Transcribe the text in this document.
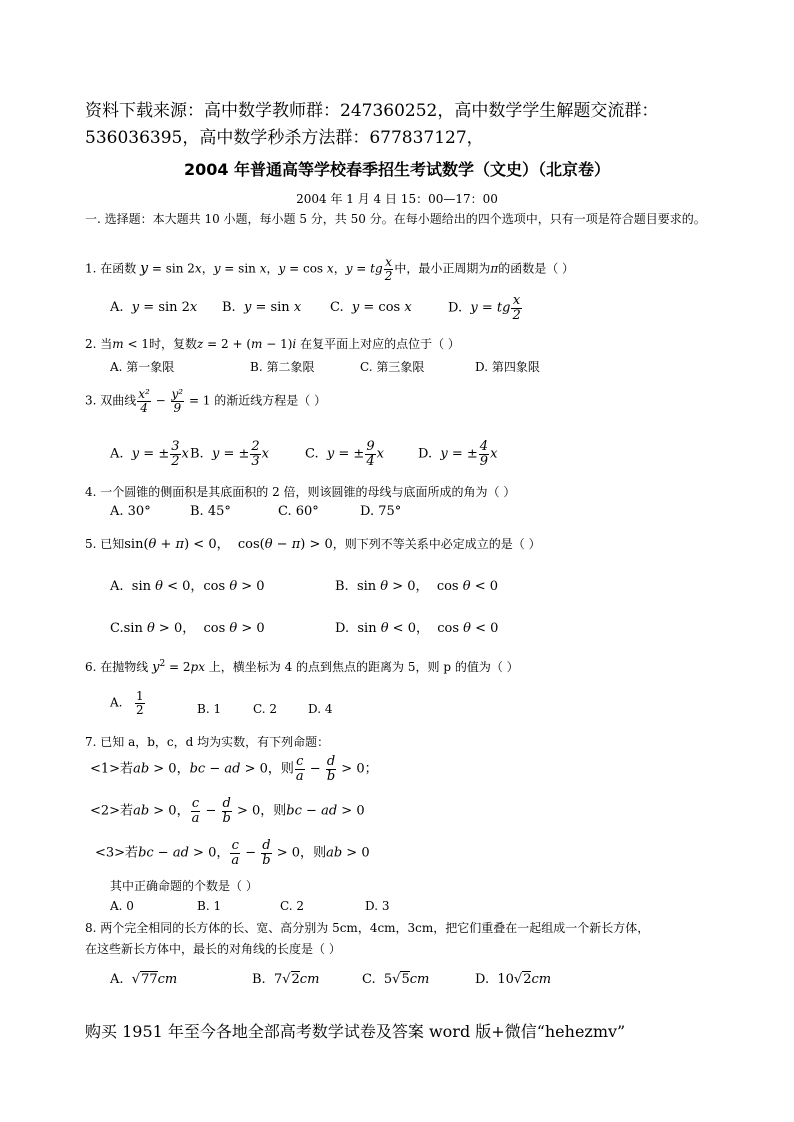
资料下载来源：高中数学教师群：247360252，高中数学学生解题交流群：
536036395，高中数学秒杀方法群：677837127，
2004 年普通高等学校春季招生考试数学（文史）（北京卷）
2004 年 1 月 4 日 15：00—17：00
一. 选择题：本大题共 10 小题，每小题 5 分，共 50 分。在每小题给出的四个选项中，只有一项是符合题目要求的。
1. 在函数 y = sin 2x，y = sin x，y = cos x，y = tg $\frac{x}{2}$ 中，最小正周期为π的函数是（ ）
A. y = sin 2x B. y = sin x C. y = cos x	D. y = tg $\frac{x}{2}$
2. 当m < 1时，复数z = 2 + (m − 1)i 在复平面上对应的点位于（ ）
A. 第一象限	B. 第二象限	C. 第三象限	D. 第四象限
3. 双曲线 $\frac{\text{x²}}{4} - \frac{\text{y²}}{9} = 1$ 的渐近线方程是（ ）
A. y = ± $\frac{3}{2}$ x B. y = ± $\frac{2}{3}$ x	C. y = ± $\frac{9}{4}$ x	D. y = ± $\frac{4}{9}$ x
4. 一个圆锥的侧面积是其底面积的 2 倍，则该圆锥的母线与底面所成的角为（ ）
A. 30°	B. 45°	C. 60°	D. 75°
5. 已知sin(θ + π) < 0，  cos(θ − π) > 0，则下列不等关系中必定成立的是（ ）
A.  sin θ < 0，cos θ > 0	B.  sin θ > 0，  cos θ < 0
C.sin θ > 0，  cos θ > 0	D.  sin θ < 0，  cos θ < 0
6. 在抛物线 $y^2 = 2px$ 上，横坐标为 4 的点到焦点的距离为 5，则 p 的值为（ ）
A. $\frac{1}{2}$	B. 1	C. 2	D. 4
7. 已知 a，b，c，d 均为实数，有下列命题：
<1>若ab > 0，bc − ad > 0，则 $\frac{c}{a} - \frac{d}{b} > 0$；
<2>若ab > 0， $\frac{c}{a} - \frac{d}{b} > 0$，则bc − ad > 0
<3>若bc − ad > 0， $\frac{c}{a} - \frac{d}{b} > 0$，则ab > 0
其中正确命题的个数是（ ）
A. 0	B. 1	C. 2	D. 3
8. 两个完全相同的长方体的长、宽、高分别为 5cm，4cm，3cm，把它们重叠在一起组成一个新长方体，
在这些新长方体中，最长的对角线的长度是（ ）
A.  √77cm	B.  7√2cm	C.  5√5cm	D.  10√2cm
购买 1951 年至今各地全部高考数学试卷及答案 word 版+微信“hehezmv”
